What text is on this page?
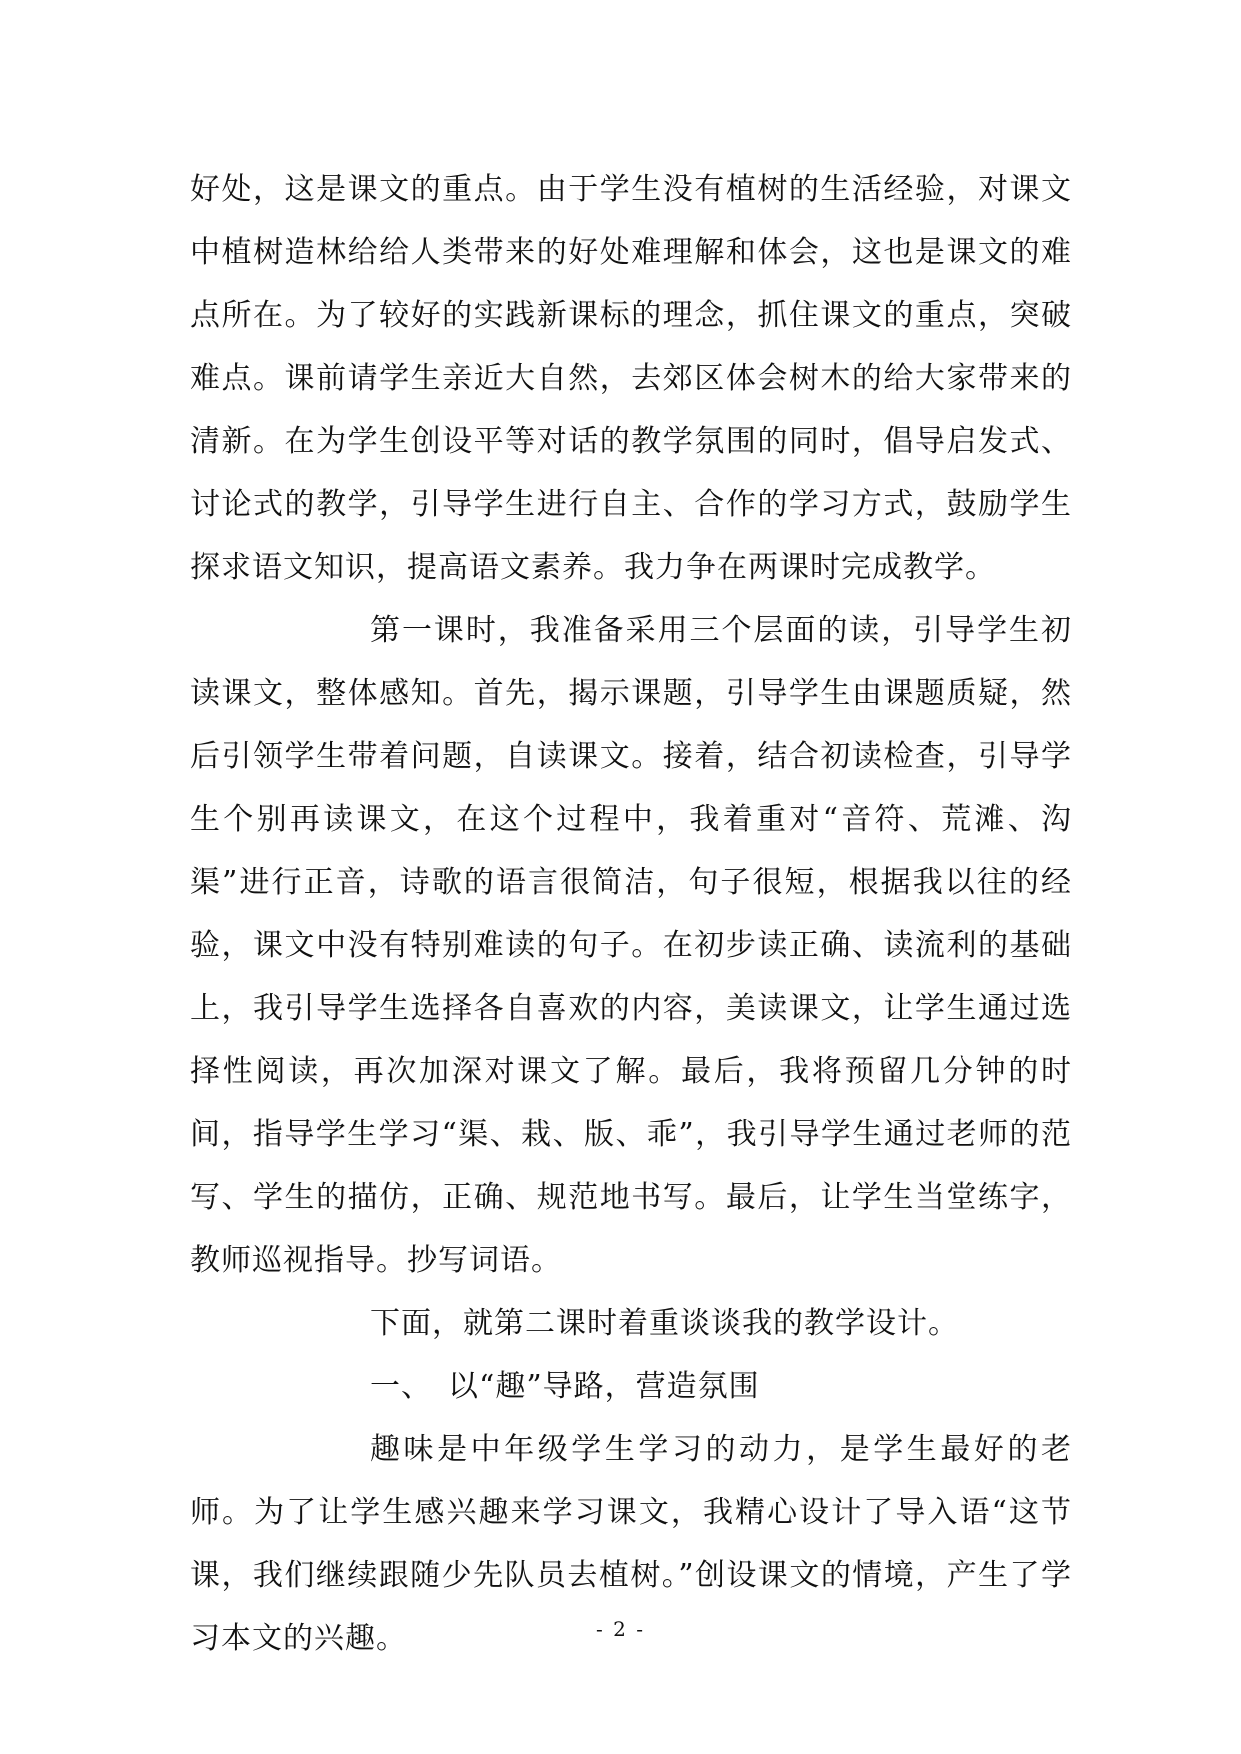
好处，这是课文的重点。由于学生没有植树的生活经验，对课文中植树造林给给人类带来的好处难理解和体会，这也是课文的难点所在。为了较好的实践新课标的理念，抓住课文的重点，突破难点。课前请学生亲近大自然，去郊区体会树木的给大家带来的清新。在为学生创设平等对话的教学氛围的同时，倡导启发式、讨论式的教学，引导学生进行自主、合作的学习方式，鼓励学生探求语文知识，提高语文素养。我力争在两课时完成教学。

第一课时，我准备采用三个层面的读，引导学生初读课文，整体感知。首先，揭示课题，引导学生由课题质疑，然后引领学生带着问题，自读课文。接着，结合初读检查，引导学生个别再读课文，在这个过程中，我着重对“音符、荒滩、沟渠”进行正音，诗歌的语言很简洁，句子很短，根据我以往的经验，课文中没有特别难读的句子。在初步读正确、读流利的基础上，我引导学生选择各自喜欢的内容，美读课文，让学生通过选择性阅读，再次加深对课文了解。最后，我将预留几分钟的时间，指导学生学习“渠、栽、版、乖”，我引导学生通过老师的范写、学生的描仿，正确、规范地书写。最后，让学生当堂练字，教师巡视指导。抄写词语。

下面，就第二课时着重谈谈我的教学设计。

一、　以“趣”导路，营造氛围

趣味是中年级学生学习的动力，是学生最好的老师。为了让学生感兴趣来学习课文，我精心设计了导入语“这节课，我们继续跟随少先队员去植树。”创设课文的情境，产生了学习本文的兴趣。	- 2 -
